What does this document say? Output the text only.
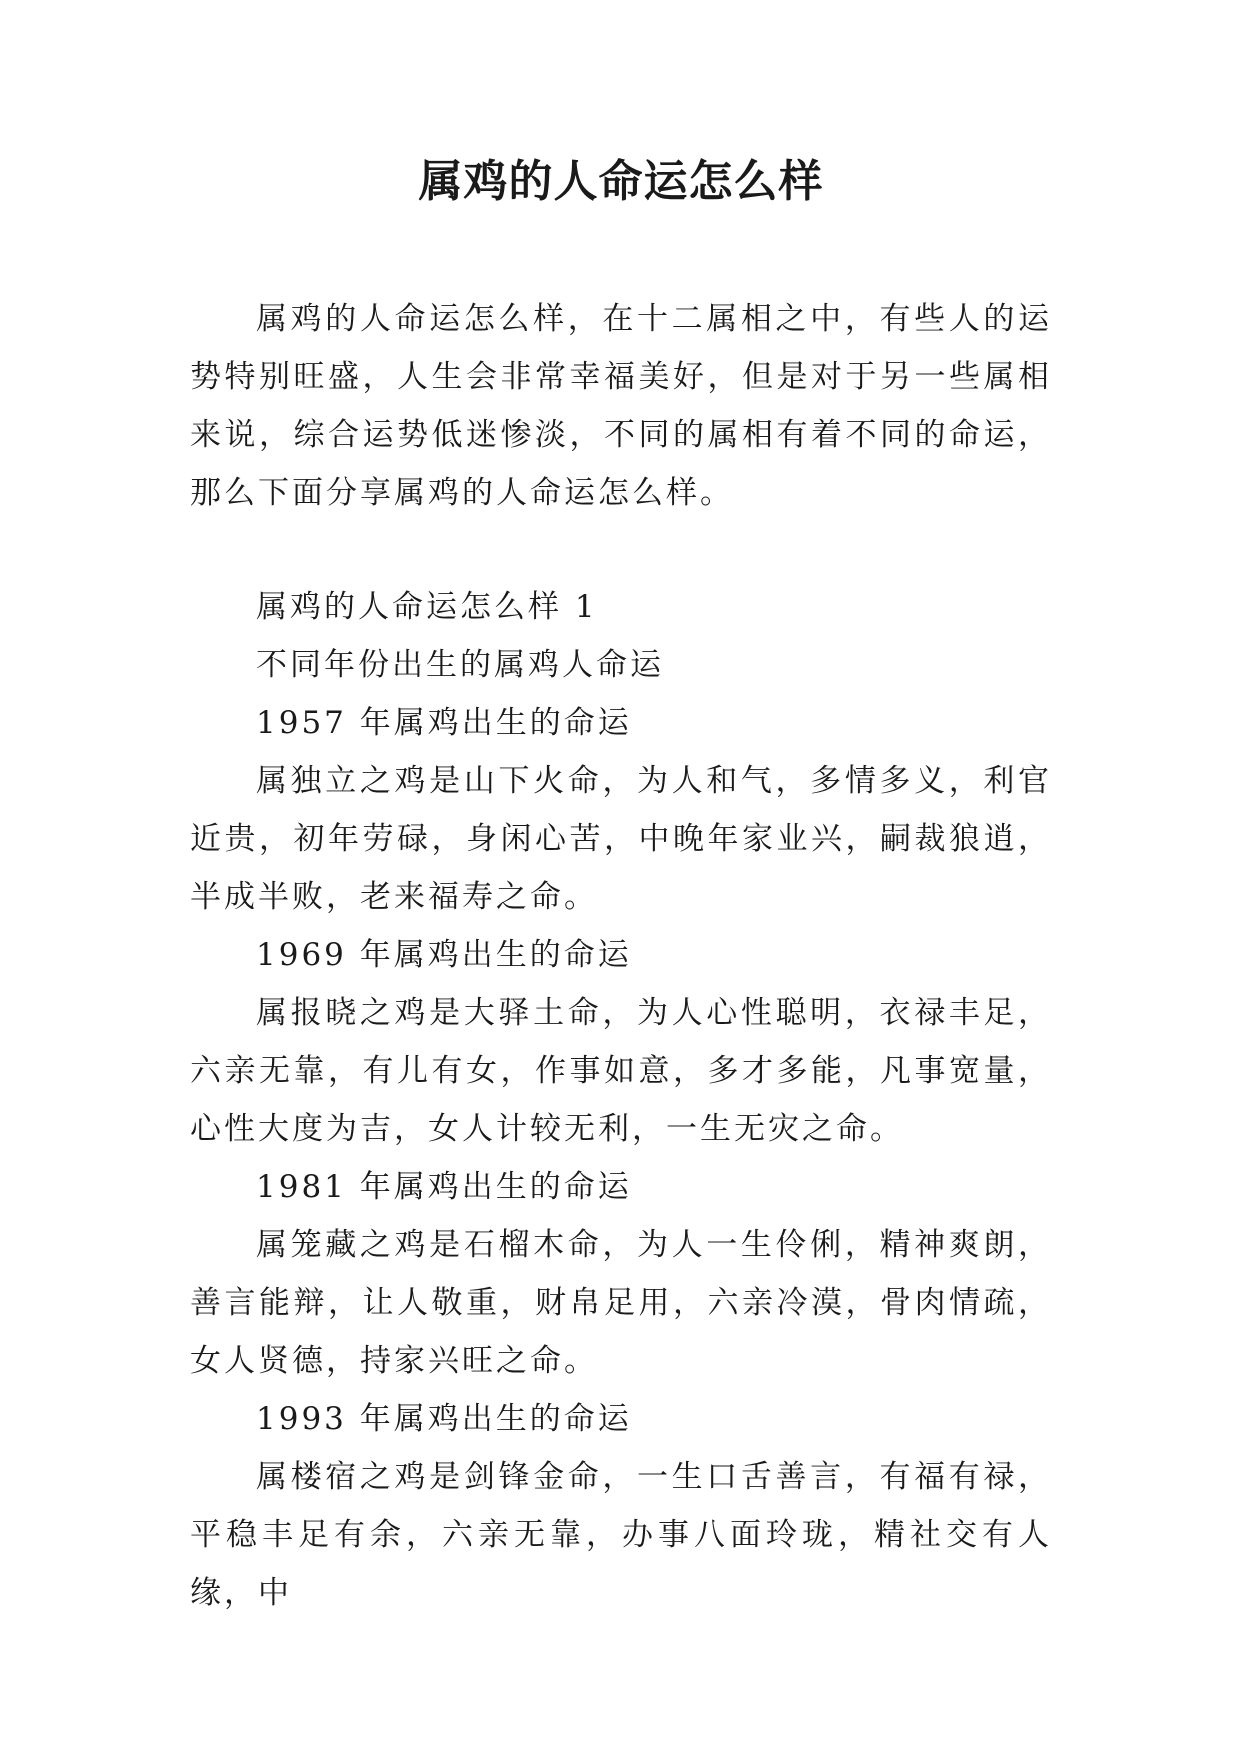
属鸡的人命运怎么样

属鸡的人命运怎么样，在十二属相之中，有些人的运势特别旺盛，人生会非常幸福美好，但是对于另一些属相来说，综合运势低迷惨淡，不同的属相有着不同的命运，那么下面分享属鸡的人命运怎么样。

属鸡的人命运怎么样 1

不同年份出生的属鸡人命运

1957 年属鸡出生的命运

属独立之鸡是山下火命，为人和气，多情多义，利官近贵，初年劳碌，身闲心苦，中晚年家业兴，嗣裁狼逍，半成半败，老来福寿之命。

1969 年属鸡出生的命运

属报晓之鸡是大驿土命，为人心性聪明，衣禄丰足，六亲无靠，有儿有女，作事如意，多才多能，凡事宽量，心性大度为吉，女人计较无利，一生无灾之命。

1981 年属鸡出生的命运

属笼藏之鸡是石榴木命，为人一生伶俐，精神爽朗，善言能辩，让人敬重，财帛足用，六亲冷漠，骨肉情疏，女人贤德，持家兴旺之命。

1993 年属鸡出生的命运

属楼宿之鸡是剑锋金命，一生口舌善言，有福有禄，平稳丰足有余，六亲无靠，办事八面玲珑，精社交有人缘，中
